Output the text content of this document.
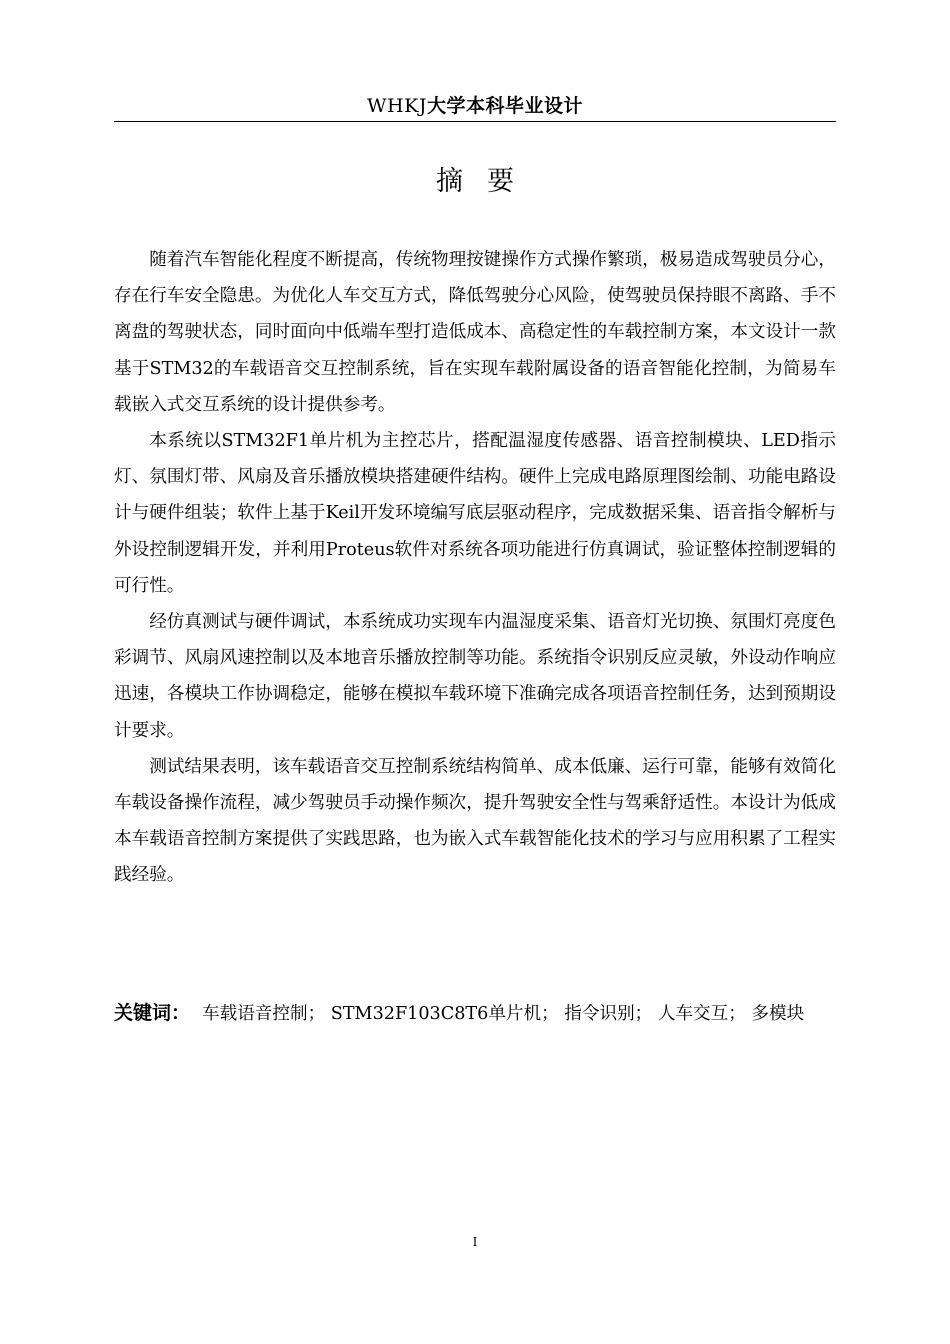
WHKJ大学本科毕业设计
摘要

随着汽车智能化程度不断提高，传统物理按键操作方式操作繁琐，极易造成驾驶员分心，存在行车安全隐患。为优化人车交互方式，降低驾驶分心风险，使驾驶员保持眼不离路、手不离盘的驾驶状态，同时面向中低端车型打造低成本、高稳定性的车载控制方案，本文设计一款基于STM32的车载语音交互控制系统，旨在实现车载附属设备的语音智能化控制，为简易车载嵌入式交互系统的设计提供参考。

本系统以STM32F1单片机为主控芯片，搭配温湿度传感器、语音控制模块、LED指示灯、氛围灯带、风扇及音乐播放模块搭建硬件结构。硬件上完成电路原理图绘制、功能电路设计与硬件组装；软件上基于Keil开发环境编写底层驱动程序，完成数据采集、语音指令解析与外设控制逻辑开发，并利用Proteus软件对系统各项功能进行仿真调试，验证整体控制逻辑的可行性。

经仿真测试与硬件调试，本系统成功实现车内温湿度采集、语音灯光切换、氛围灯亮度色彩调节、风扇风速控制以及本地音乐播放控制等功能。系统指令识别反应灵敏，外设动作响应迅速，各模块工作协调稳定，能够在模拟车载环境下准确完成各项语音控制任务，达到预期设计要求。

测试结果表明，该车载语音交互控制系统结构简单、成本低廉、运行可靠，能够有效简化车载设备操作流程，减少驾驶员手动操作频次，提升驾驶安全性与驾乘舒适性。本设计为低成本车载语音控制方案提供了实践思路，也为嵌入式车载智能化技术的学习与应用积累了工程实践经验。

关键词： 车载语音控制； STM32F103C8T6单片机； 指令识别； 人车交互； 多模块
I
